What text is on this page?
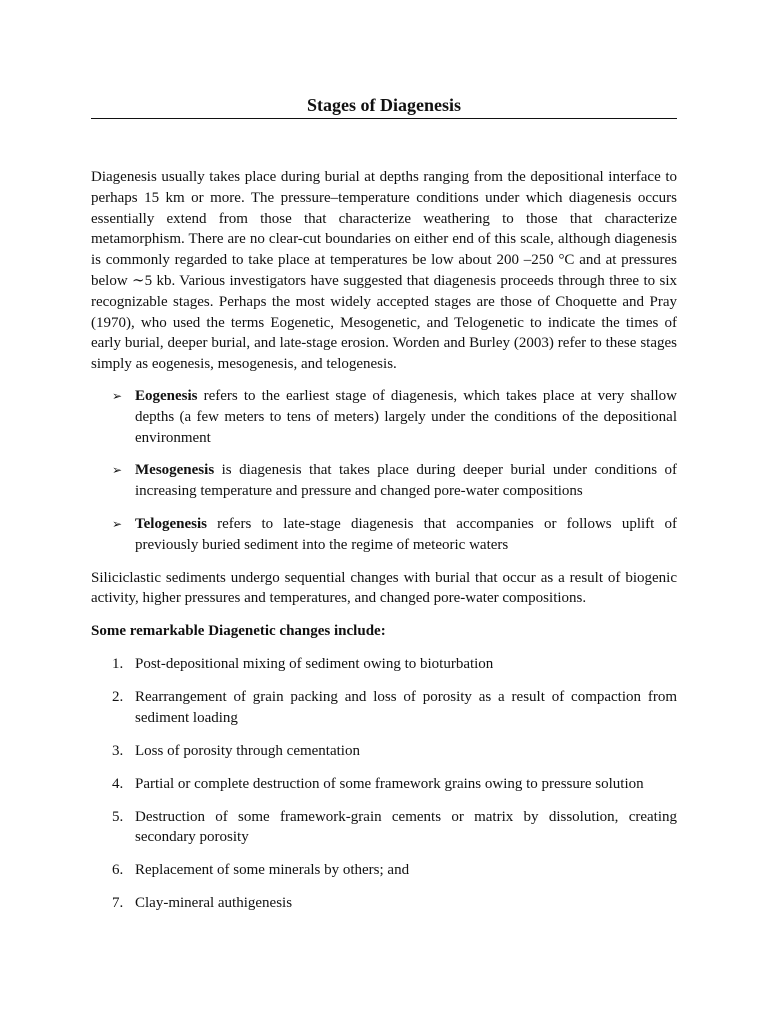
Stages of Diagenesis

Diagenesis usually takes place during burial at depths ranging from the depositional interface to perhaps 15 km or more. The pressure–temperature conditions under which diagenesis occurs essentially extend from those that characterize weathering to those that characterize metamorphism. There are no clear-cut boundaries on either end of this scale, although diagenesis is commonly regarded to take place at temperatures be low about 200 –250 °C and at pressures below ∼5 kb. Various investigators have suggested that diagenesis proceeds through three to six recognizable stages. Perhaps the most widely accepted stages are those of Choquette and Pray (1970), who used the terms Eogenetic, Mesogenetic, and Telogenetic to indicate the times of early burial, deeper burial, and late-stage erosion. Worden and Burley (2003) refer to these stages simply as eogenesis, mesogenesis, and telogenesis.

➢ Eogenesis refers to the earliest stage of diagenesis, which takes place at very shallow depths (a few meters to tens of meters) largely under the conditions of the depositional environment
➢ Mesogenesis is diagenesis that takes place during deeper burial under conditions of increasing temperature and pressure and changed pore-water compositions
➢ Telogenesis refers to late-stage diagenesis that accompanies or follows uplift of previously buried sediment into the regime of meteoric waters

Siliciclastic sediments undergo sequential changes with burial that occur as a result of biogenic activity, higher pressures and temperatures, and changed pore-water compositions.

Some remarkable Diagenetic changes include:

1. Post-depositional mixing of sediment owing to bioturbation
2. Rearrangement of grain packing and loss of porosity as a result of compaction from sediment loading
3. Loss of porosity through cementation
4. Partial or complete destruction of some framework grains owing to pressure solution
5. Destruction of some framework-grain cements or matrix by dissolution, creating secondary porosity
6. Replacement of some minerals by others; and
7. Clay-mineral authigenesis
